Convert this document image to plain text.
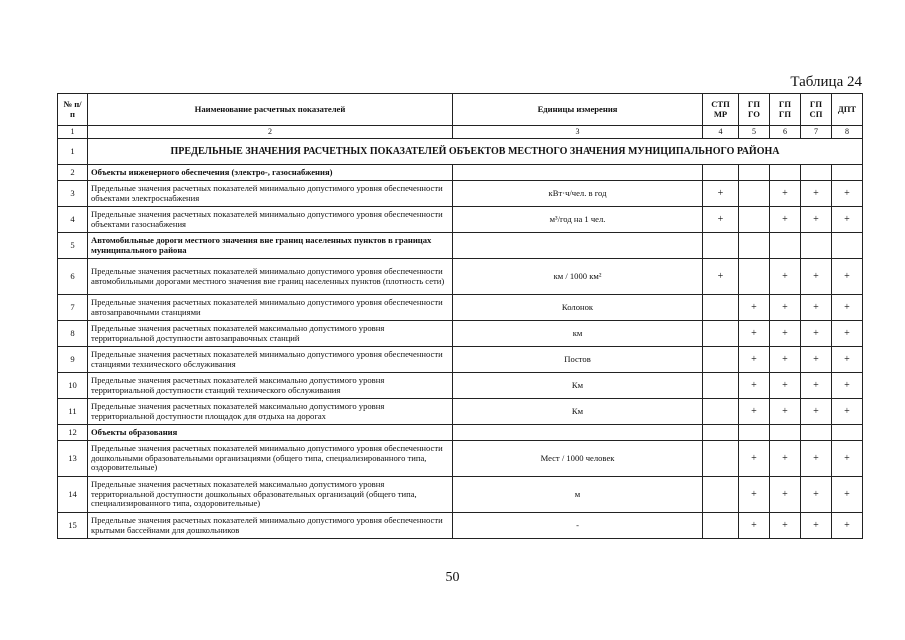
Таблица 24
№ п/п	Наименование расчетных показателей	Единицы измерения	СТП МР	ГП ГО	ГП ГП	ГП СП	ДПТ
1	2	3	4	5	6	7	8
1	ПРЕДЕЛЬНЫЕ ЗНАЧЕНИЯ РАСЧЕТНЫХ ПОКАЗАТЕЛЕЙ ОБЪЕКТОВ МЕСТНОГО ЗНАЧЕНИЯ МУНИЦИПАЛЬНОГО РАЙОНА						
2	Объекты инженерного обеспечения (электро-, газоснабжения)						
3	Предельные значения расчетных показателей минимально допустимого уровня обеспеченности объектами электроснабжения	кВт·ч/чел. в год	+		+	+	+
4	Предельные значения расчетных показателей минимально допустимого уровня обеспеченности объектами газоснабжения	м³/год на 1 чел.	+		+	+	+
5	Автомобильные дороги местного значения вне границ населенных пунктов в границах муниципального района						
6	Предельные значения расчетных показателей минимально допустимого уровня обеспеченности автомобильными дорогами местного значения вне границ населенных пунктов (плотность сети)	км / 1000 км²	+		+	+	+
7	Предельные значения расчетных показателей минимально допустимого уровня обеспеченности автозаправочными станциями	Колонок		+	+	+	+
8	Предельные значения расчетных показателей максимально допустимого уровня территориальной доступности автозаправочных станций	км		+	+	+	+
9	Предельные значения расчетных показателей минимально допустимого уровня обеспеченности станциями технического обслуживания	Постов		+	+	+	+
10	Предельные значения расчетных показателей максимально допустимого уровня территориальной доступности станций технического обслуживания	Км		+	+	+	+
11	Предельные значения расчетных показателей максимально допустимого уровня территориальной доступности площадок для отдыха на дорогах	Км		+	+	+	+
12	Объекты образования						
13	Предельные значения расчетных показателей минимально допустимого уровня обеспеченности дошкольными образовательными организациями (общего типа, специализированного типа, оздоровительные)	Мест / 1000 человек		+	+	+	+
14	Предельные значения расчетных показателей максимально допустимого уровня территориальной доступности дошкольных образовательных организаций (общего типа, специализированного типа, оздоровительные)	м		+	+	+	+
15	Предельные значения расчетных показателей минимально допустимого уровня обеспеченности крытыми бассейнами для дошкольников	-		+	+	+	+
50
